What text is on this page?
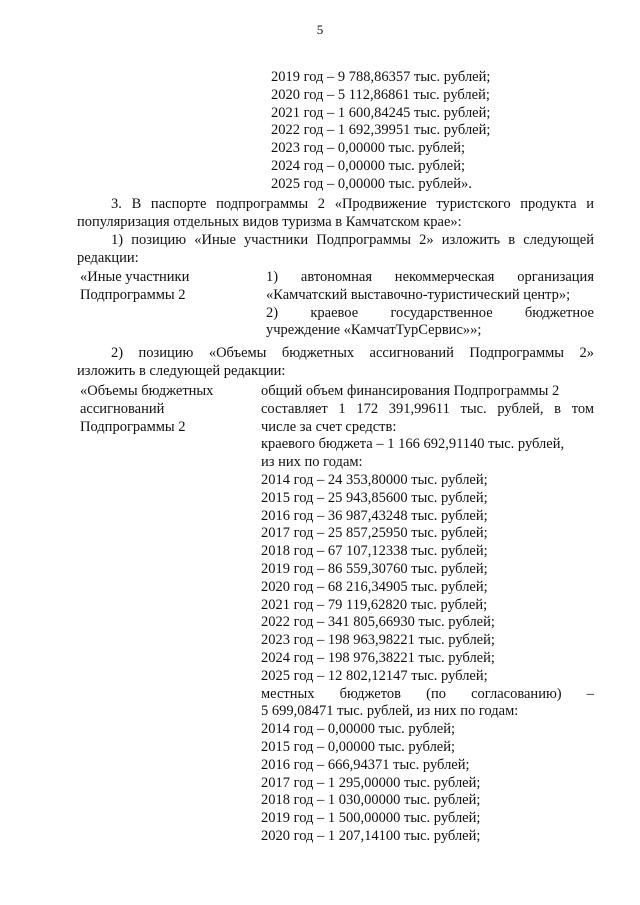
5
2019 год – 9 788,86357 тыс. рублей;
2020 год – 5 112,86861 тыс. рублей;
2021 год – 1 600,84245 тыс. рублей;
2022 год – 1 692,39951 тыс. рублей;
2023 год – 0,00000 тыс. рублей;
2024 год – 0,00000 тыс. рублей;
2025 год – 0,00000 тыс. рублей».
3. В паспорте подпрограммы 2 «Продвижение туристского продукта и
популяризация отдельных видов туризма в Камчатском крае»:
1) позицию «Иные участники Подпрограммы 2» изложить в следующей
редакции:
«Иные участники
Подпрограммы 2
1) автономная некоммерческая организация
«Камчатский выставочно-туристический центр»;
2) краевое государственное бюджетное
учреждение «КамчатТурСервис»»;
2) позицию «Объемы бюджетных ассигнований Подпрограммы 2»
изложить в следующей редакции:
«Объемы бюджетных
ассигнований
Подпрограммы 2
общий объем финансирования Подпрограммы 2
составляет 1 172 391,99611 тыс. рублей, в том
числе за счет средств:
краевого бюджета – 1 166 692,91140 тыс. рублей,
из них по годам:
2014 год – 24 353,80000 тыс. рублей;
2015 год – 25 943,85600 тыс. рублей;
2016 год – 36 987,43248 тыс. рублей;
2017 год – 25 857,25950 тыс. рублей;
2018 год – 67 107,12338 тыс. рублей;
2019 год – 86 559,30760 тыс. рублей;
2020 год – 68 216,34905 тыс. рублей;
2021 год – 79 119,62820 тыс. рублей;
2022 год – 341 805,66930 тыс. рублей;
2023 год – 198 963,98221 тыс. рублей;
2024 год – 198 976,38221 тыс. рублей;
2025 год – 12 802,12147 тыс. рублей;
местных бюджетов (по согласованию) –
5 699,08471 тыс. рублей, из них по годам:
2014 год – 0,00000 тыс. рублей;
2015 год – 0,00000 тыс. рублей;
2016 год – 666,94371 тыс. рублей;
2017 год – 1 295,00000 тыс. рублей;
2018 год – 1 030,00000 тыс. рублей;
2019 год – 1 500,00000 тыс. рублей;
2020 год – 1 207,14100 тыс. рублей;
